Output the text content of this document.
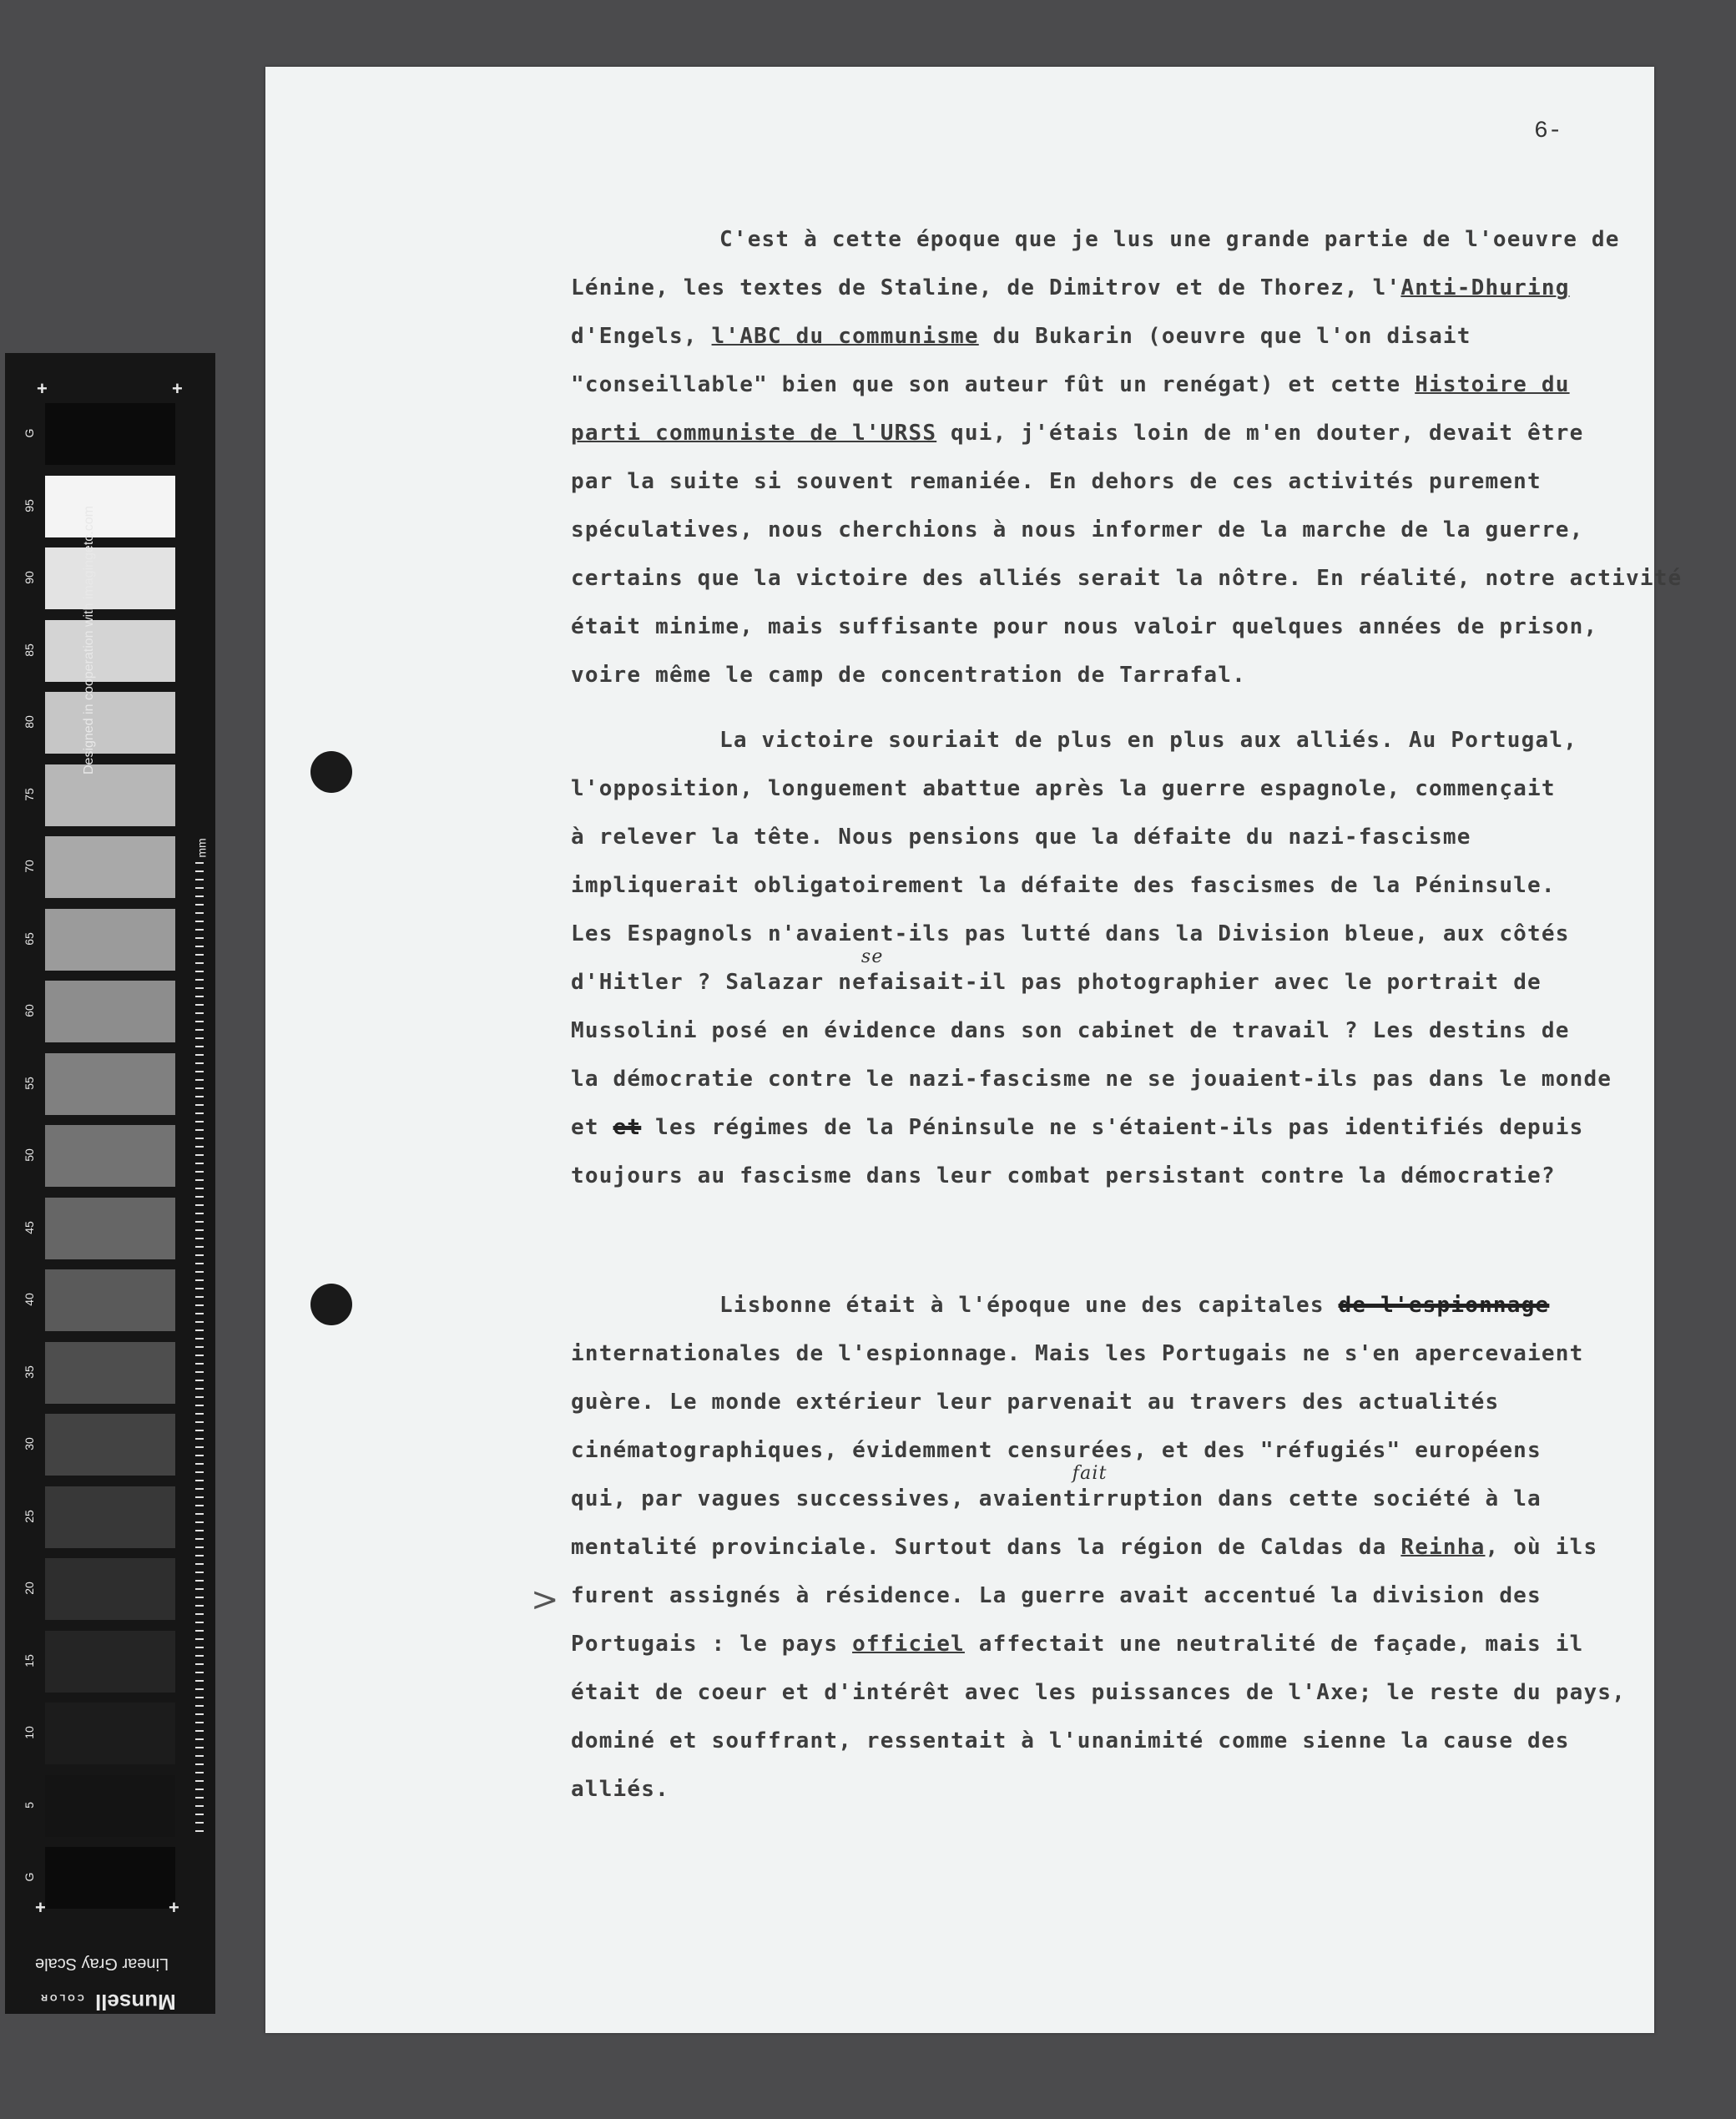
6-
C'est à cette époque que je lus une grande partie de l'oeuvre de
Lénine, les textes de Staline, de Dimitrov et de Thorez, l'Anti-Dhuring
d'Engels, l'ABC du communisme du Bukarin (oeuvre que l'on disait
"conseillable" bien que son auteur fût un renégat) et cette Histoire du
parti communiste de l'URSS qui, j'étais loin de m'en douter, devait être
par la suite si souvent remaniée. En dehors de ces activités purement
spéculatives, nous cherchions à nous informer de la marche de la guerre,
certains que la victoire des alliés serait la nôtre. En réalité, notre activité
était minime, mais suffisante pour nous valoir quelques années de prison,
voire même le camp de concentration de Tarrafal.
La victoire souriait de plus en plus aux alliés. Au Portugal,
l'opposition, longuement abattue après la guerre espagnole, commençait
à relever la tête. Nous pensions que la défaite du nazi-fascisme
impliquerait obligatoirement la défaite des fascismes de la Péninsule.
Les Espagnols n'avaient-ils pas lutté dans la Division bleue, aux côtés
d'Hitler ? Salazar ne
se
faisait-il pas photographier avec le portrait de
Mussolini posé en évidence dans son cabinet de travail ? Les destins de
la démocratie contre le nazi-fascisme ne se jouaient-ils pas dans le monde
et et les régimes de la Péninsule ne s'étaient-ils pas identifiés depuis
toujours au fascisme dans leur combat persistant contre la démocratie?
Lisbonne était à l'époque une des capitales de l'espionnage
internationales de l'espionnage. Mais les Portugais ne s'en apercevaient
guère. Le monde extérieur leur parvenait au travers des actualités
cinématographiques, évidemment censurées, et des "réfugiés" européens
qui, par vagues successives, avaient
fait
irruption dans cette société à la
mentalité provinciale. Surtout dans la région de Caldas da Reinha, où ils
furent assignés à résidence. La guerre avait accentué la division des
Portugais : le pays officiel affectait une neutralité de façade, mais il
était de coeur et d'intérêt avec les puissances de l'Axe; le reste du pays,
dominé et souffrant, ressentait à l'unanimité comme sienne la cause des
alliés.
>
+	+
G
95
90
85
80
75
70
65
60
55
50
45
40
35
30
25
20
15
10
5
G
Designed in cooperation with imagingetc.com
mm
+	+
Linear Gray Scale
Munsell COLOR
